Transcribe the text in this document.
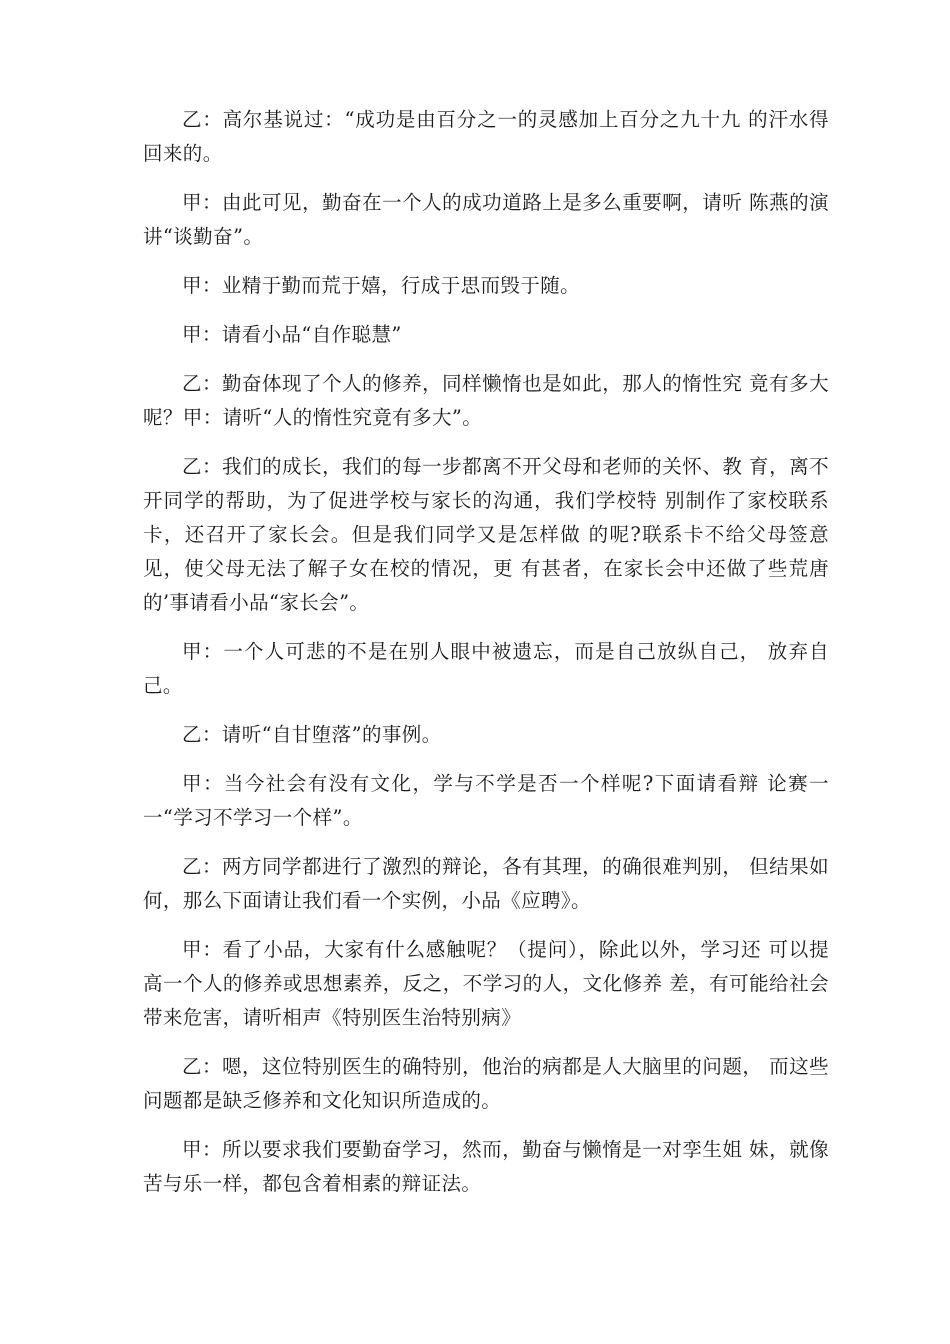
乙：高尔基说过：“成功是由百分之一的灵感加上百分之九十九 的汗水得回来的。

甲：由此可见，勤奋在一个人的成功道路上是多么重要啊，请听 陈燕的演讲“谈勤奋”。

甲：业精于勤而荒于嬉，行成于思而毁于随。

甲：请看小品“自作聪慧”

乙：勤奋体现了个人的修养，同样懒惰也是如此，那人的惰性究 竟有多大呢？甲：请听“人的惰性究竟有多大”。

乙：我们的成长，我们的每一步都离不开父母和老师的关怀、教 育，离不开同学的帮助，为了促进学校与家长的沟通，我们学校特 别制作了家校联系卡，还召开了家长会。但是我们同学又是怎样做 的呢?联系卡不给父母签意见，使父母无法了解子女在校的情况，更 有甚者，在家长会中还做了些荒唐的’事请看小品“家长会”。

甲：一个人可悲的不是在别人眼中被遗忘，而是自己放纵自己， 放弃自己。

乙：请听“自甘堕落”的事例。

甲：当今社会有没有文化，学与不学是否一个样呢?下面请看辩 论赛一一“学习不学习一个样”。

乙：两方同学都进行了激烈的辩论，各有其理，的确很难判别， 但结果如何，那么下面请让我们看一个实例，小品《应聘》。

甲：看了小品，大家有什么感触呢？（提问），除此以外，学习还 可以提高一个人的修养或思想素养，反之，不学习的人，文化修养 差，有可能给社会带来危害，请听相声《特别医生治特别病》

乙：嗯，这位特别医生的确特别，他治的病都是人大脑里的问题， 而这些问题都是缺乏修养和文化知识所造成的。

甲：所以要求我们要勤奋学习，然而，勤奋与懒惰是一对孪生姐 妹，就像苦与乐一样，都包含着相素的辩证法。
